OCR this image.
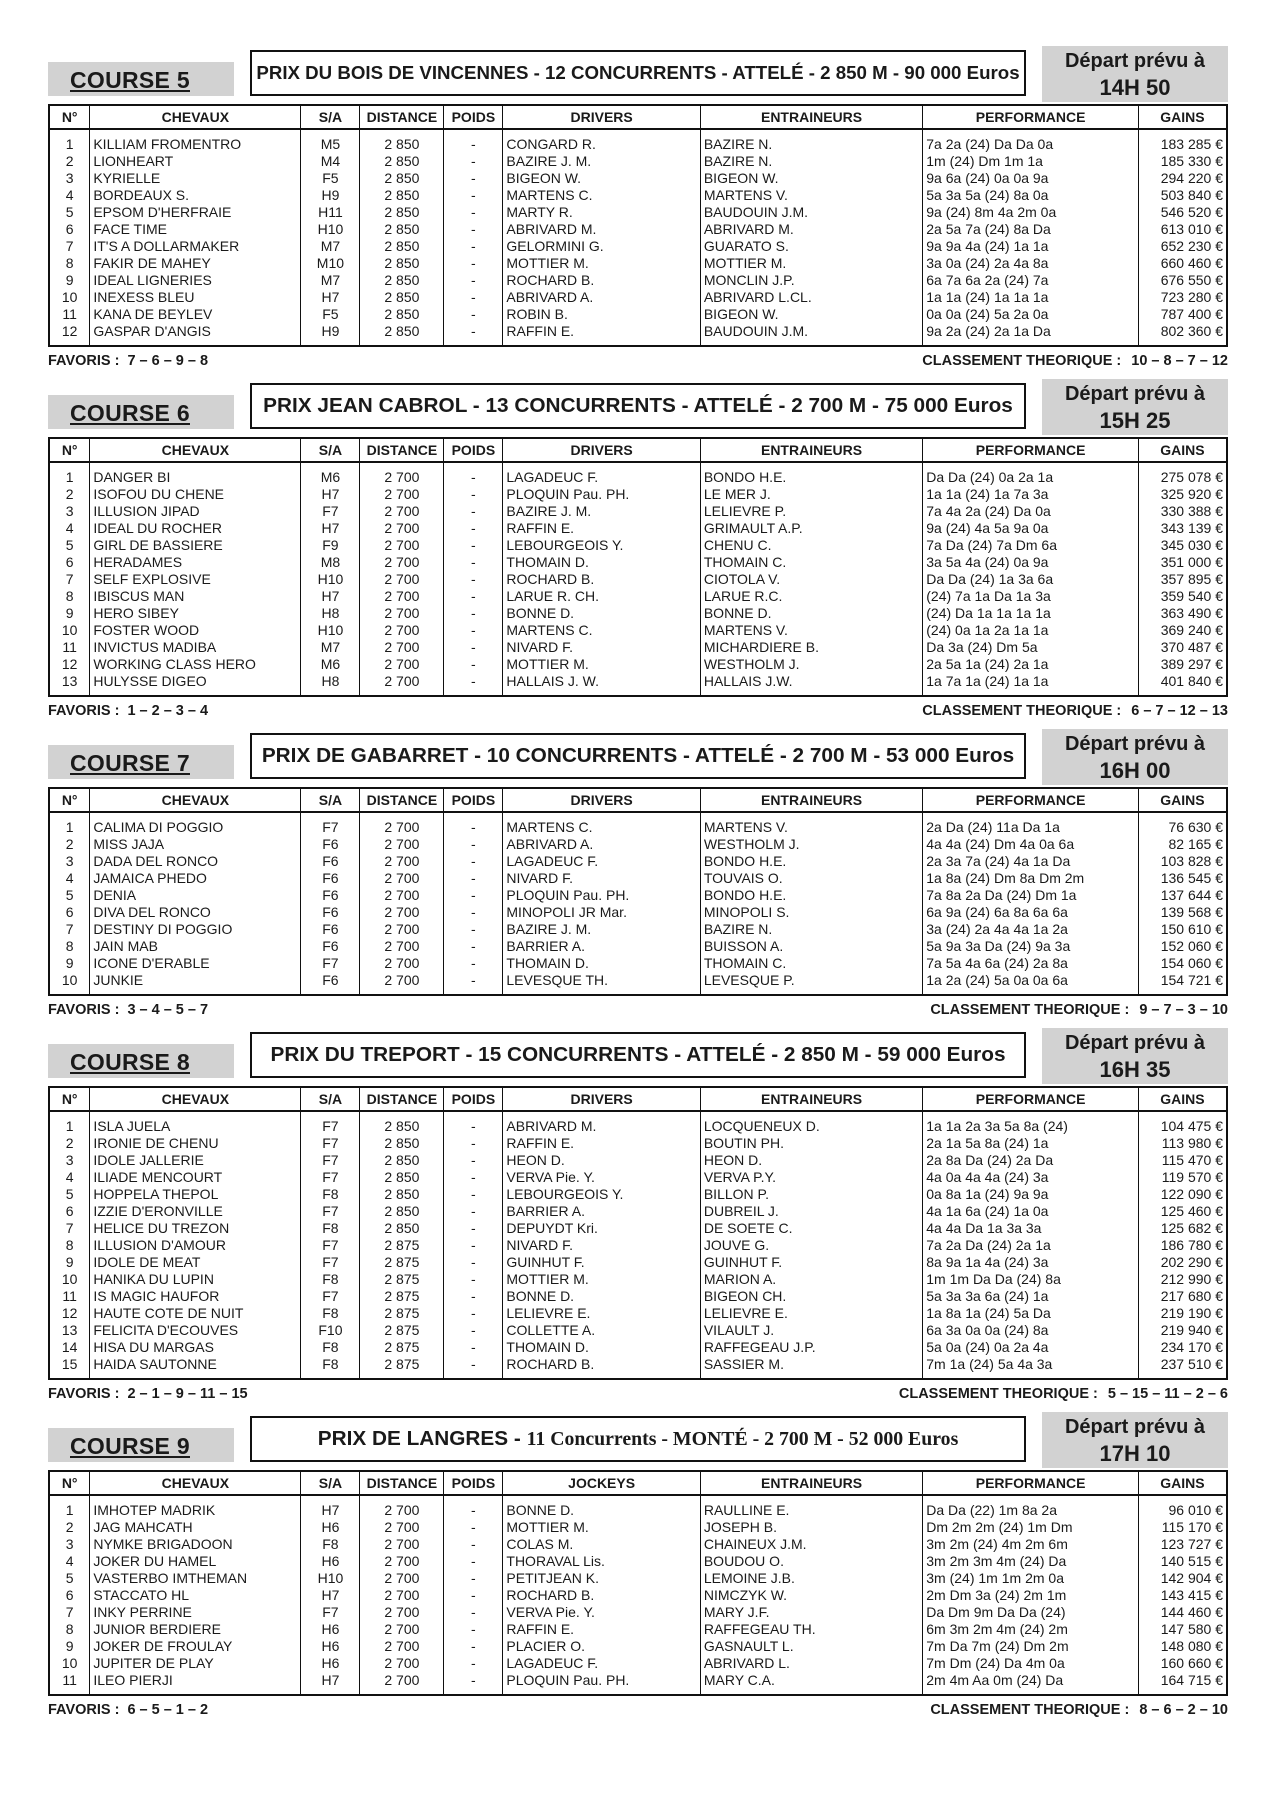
COURSE 5	PRIX DU BOIS DE VINCENNES - 12 CONCURRENTS - ATTELÉ - 2 850 M - 90 000 Euros
Départ prévu à
14H 50
N°	CHEVAUX	S/A	DISTANCE	POIDS	DRIVERS	ENTRAINEURS	PERFORMANCE	GAINS
1	KILLIAM FROMENTRO	M5	2 850	-	CONGARD R.	BAZIRE N.	7a 2a (24) Da Da 0a	183 285 €
2	LIONHEART	M4	2 850	-	BAZIRE J. M.	BAZIRE N.	1m (24) Dm 1m 1a	185 330 €
3	KYRIELLE	F5	2 850	-	BIGEON W.	BIGEON W.	9a 6a (24) 0a 0a 9a	294 220 €
4	BORDEAUX S.	H9	2 850	-	MARTENS C.	MARTENS V.	5a 3a 5a (24) 8a 0a	503 840 €
5	EPSOM D'HERFRAIE	H11	2 850	-	MARTY R.	BAUDOUIN J.M.	9a (24) 8m 4a 2m 0a	546 520 €
6	FACE TIME	H10	2 850	-	ABRIVARD M.	ABRIVARD M.	2a 5a 7a (24) 8a Da	613 010 €
7	IT'S A DOLLARMAKER	M7	2 850	-	GELORMINI G.	GUARATO S.	9a 9a 4a (24) 1a 1a	652 230 €
8	FAKIR DE MAHEY	M10	2 850	-	MOTTIER M.	MOTTIER M.	3a 0a (24) 2a 4a 8a	660 460 €
9	IDEAL LIGNERIES	M7	2 850	-	ROCHARD B.	MONCLIN J.P.	6a 7a 6a 2a (24) 7a	676 550 €
10	INEXESS BLEU	H7	2 850	-	ABRIVARD A.	ABRIVARD L.CL.	1a 1a (24) 1a 1a 1a	723 280 €
11	KANA DE BEYLEV	F5	2 850	-	ROBIN B.	BIGEON W.	0a 0a (24) 5a 2a 0a	787 400 €
12	GASPAR D'ANGIS	H9	2 850	-	RAFFIN E.	BAUDOUIN J.M.	9a 2a (24) 2a 1a Da	802 360 €
FAVORIS : 7 – 6 – 9 – 8	CLASSEMENT THEORIQUE : 10 – 8 – 7 – 12
COURSE 6	PRIX JEAN CABROL - 13 CONCURRENTS - ATTELÉ - 2 700 M - 75 000 Euros	Départ prévu à
15H 25
N°	CHEVAUX	S/A	DISTANCE	POIDS	DRIVERS	ENTRAINEURS	PERFORMANCE	GAINS
1	DANGER BI	M6	2 700	-	LAGADEUC F.	BONDO H.E.	Da Da (24) 0a 2a 1a	275 078 €
2	ISOFOU DU CHENE	H7	2 700	-	PLOQUIN Pau. PH.	LE MER J.	1a 1a (24) 1a 7a 3a	325 920 €
3	ILLUSION JIPAD	F7	2 700	-	BAZIRE J. M.	LELIEVRE P.	7a 4a 2a (24) Da 0a	330 388 €
4	IDEAL DU ROCHER	H7	2 700	-	RAFFIN E.	GRIMAULT A.P.	9a (24) 4a 5a 9a 0a	343 139 €
5	GIRL DE BASSIERE	F9	2 700	-	LEBOURGEOIS Y.	CHENU C.	7a Da (24) 7a Dm 6a	345 030 €
6	HERADAMES	M8	2 700	-	THOMAIN D.	THOMAIN C.	3a 5a 4a (24) 0a 9a	351 000 €
7	SELF EXPLOSIVE	H10	2 700	-	ROCHARD B.	CIOTOLA V.	Da Da (24) 1a 3a 6a	357 895 €
8	IBISCUS MAN	H7	2 700	-	LARUE R. CH.	LARUE R.C.	(24) 7a 1a Da 1a 3a	359 540 €
9	HERO SIBEY	H8	2 700	-	BONNE D.	BONNE D.	(24) Da 1a 1a 1a 1a	363 490 €
10	FOSTER WOOD	H10	2 700	-	MARTENS C.	MARTENS V.	(24) 0a 1a 2a 1a 1a	369 240 €
11	INVICTUS MADIBA	M7	2 700	-	NIVARD F.	MICHARDIERE B.	Da 3a (24) Dm 5a	370 487 €
12	WORKING CLASS HERO	M6	2 700	-	MOTTIER M.	WESTHOLM J.	2a 5a 1a (24) 2a 1a	389 297 €
13	HULYSSE DIGEO	H8	2 700	-	HALLAIS J. W.	HALLAIS J.W.	1a 7a 1a (24) 1a 1a	401 840 €
FAVORIS : 1 – 2 – 3 – 4	CLASSEMENT THEORIQUE : 6 – 7 – 12 – 13
COURSE 7	PRIX DE GABARRET - 10 CONCURRENTS - ATTELÉ - 2 700 M - 53 000 Euros	Départ prévu à
16H 00
N°	CHEVAUX	S/A	DISTANCE	POIDS	DRIVERS	ENTRAINEURS	PERFORMANCE	GAINS
1	CALIMA DI POGGIO	F7	2 700	-	MARTENS C.	MARTENS V.	2a Da (24) 11a Da 1a	76 630 €
2	MISS JAJA	F6	2 700	-	ABRIVARD A.	WESTHOLM J.	4a 4a (24) Dm 4a 0a 6a	82 165 €
3	DADA DEL RONCO	F6	2 700	-	LAGADEUC F.	BONDO H.E.	2a 3a 7a (24) 4a 1a Da	103 828 €
4	JAMAICA PHEDO	F6	2 700	-	NIVARD F.	TOUVAIS O.	1a 8a (24) Dm 8a Dm 2m	136 545 €
5	DENIA	F6	2 700	-	PLOQUIN Pau. PH.	BONDO H.E.	7a 8a 2a Da (24) Dm 1a	137 644 €
6	DIVA DEL RONCO	F6	2 700	-	MINOPOLI JR Mar.	MINOPOLI S.	6a 9a (24) 6a 8a 6a 6a	139 568 €
7	DESTINY DI POGGIO	F6	2 700	-	BAZIRE J. M.	BAZIRE N.	3a (24) 2a 4a 4a 1a 2a	150 610 €
8	JAIN MAB	F6	2 700	-	BARRIER A.	BUISSON A.	5a 9a 3a Da (24) 9a 3a	152 060 €
9	ICONE D'ERABLE	F7	2 700	-	THOMAIN D.	THOMAIN C.	7a 5a 4a 6a (24) 2a 8a	154 060 €
10	JUNKIE	F6	2 700	-	LEVESQUE TH.	LEVESQUE P.	1a 2a (24) 5a 0a 0a 6a	154 721 €
FAVORIS : 3 – 4 – 5 – 7	CLASSEMENT THEORIQUE : 9 – 7 – 3 – 10
COURSE 8	PRIX DU TREPORT - 15 CONCURRENTS - ATTELÉ - 2 850 M - 59 000 Euros	Départ prévu à
16H 35
N°	CHEVAUX	S/A	DISTANCE	POIDS	DRIVERS	ENTRAINEURS	PERFORMANCE	GAINS
1	ISLA JUELA	F7	2 850	-	ABRIVARD M.	LOCQUENEUX D.	1a 1a 2a 3a 5a 8a (24)	104 475 €
2	IRONIE DE CHENU	F7	2 850	-	RAFFIN E.	BOUTIN PH.	2a 1a 5a 8a (24) 1a	113 980 €
3	IDOLE JALLERIE	F7	2 850	-	HEON D.	HEON D.	2a 8a Da (24) 2a Da	115 470 €
4	ILIADE MENCOURT	F7	2 850	-	VERVA Pie. Y.	VERVA P.Y.	4a 0a 4a 4a (24) 3a	119 570 €
5	HOPPELA THEPOL	F8	2 850	-	LEBOURGEOIS Y.	BILLON P.	0a 8a 1a (24) 9a 9a	122 090 €
6	IZZIE D'ERONVILLE	F7	2 850	-	BARRIER A.	DUBREIL J.	4a 1a 6a (24) 1a 0a	125 460 €
7	HELICE DU TREZON	F8	2 850	-	DEPUYDT Kri.	DE SOETE C.	4a 4a Da 1a 3a 3a	125 682 €
8	ILLUSION D'AMOUR	F7	2 875	-	NIVARD F.	JOUVE G.	7a 2a Da (24) 2a 1a	186 780 €
9	IDOLE DE MEAT	F7	2 875	-	GUINHUT F.	GUINHUT F.	8a 9a 1a 4a (24) 3a	202 290 €
10	HANIKA DU LUPIN	F8	2 875	-	MOTTIER M.	MARION A.	1m 1m Da Da (24) 8a	212 990 €
11	IS MAGIC HAUFOR	F7	2 875	-	BONNE D.	BIGEON CH.	5a 3a 3a 6a (24) 1a	217 680 €
12	HAUTE COTE DE NUIT	F8	2 875	-	LELIEVRE E.	LELIEVRE E.	1a 8a 1a (24) 5a Da	219 190 €
13	FELICITA D'ECOUVES	F10	2 875	-	COLLETTE A.	VILAULT J.	6a 3a 0a 0a (24) 8a	219 940 €
14	HISA DU MARGAS	F8	2 875	-	THOMAIN D.	RAFFEGEAU J.P.	5a 0a (24) 0a 2a 4a	234 170 €
15	HAIDA SAUTONNE	F8	2 875	-	ROCHARD B.	SASSIER M.	7m 1a (24) 5a 4a 3a	237 510 €
FAVORIS : 2 – 1 – 9 – 11 – 15	CLASSEMENT THEORIQUE : 5 – 15 – 11 – 2 – 6
COURSE 9	PRIX DE LANGRES - 11 Concurrents - MONTÉ - 2 700 M - 52 000 Euros
Départ prévu à
17H 10
N°	CHEVAUX	S/A	DISTANCE	POIDS	JOCKEYS	ENTRAINEURS	PERFORMANCE	GAINS
1	IMHOTEP MADRIK	H7	2 700	-	BONNE D.	RAULLINE E.	Da Da (22) 1m 8a 2a	96 010 €
2	JAG MAHCATH	H6	2 700	-	MOTTIER M.	JOSEPH B.	Dm 2m 2m (24) 1m Dm	115 170 €
3	NYMKE BRIGADOON	F8	2 700	-	COLAS M.	CHAINEUX J.M.	3m 2m (24) 4m 2m 6m	123 727 €
4	JOKER DU HAMEL	H6	2 700	-	THORAVAL Lis.	BOUDOU O.	3m 2m 3m 4m (24) Da	140 515 €
5	VASTERBO IMTHEMAN	H10	2 700	-	PETITJEAN K.	LEMOINE J.B.	3m (24) 1m 1m 2m 0a	142 904 €
6	STACCATO HL	H7	2 700	-	ROCHARD B.	NIMCZYK W.	2m Dm 3a (24) 2m 1m	143 415 €
7	INKY PERRINE	F7	2 700	-	VERVA Pie. Y.	MARY J.F.	Da Dm 9m Da Da (24)	144 460 €
8	JUNIOR BERDIERE	H6	2 700	-	RAFFIN E.	RAFFEGEAU TH.	6m 3m 2m 4m (24) 2m	147 580 €
9	JOKER DE FROULAY	H6	2 700	-	PLACIER O.	GASNAULT L.	7m Da 7m (24) Dm 2m	148 080 €
10	JUPITER DE PLAY	H6	2 700	-	LAGADEUC F.	ABRIVARD L.	7m Dm (24) Da 4m 0a	160 660 €
11	ILEO PIERJI	H7	2 700	-	PLOQUIN Pau. PH.	MARY C.A.	2m 4m Aa 0m (24) Da	164 715 €
FAVORIS : 6 – 5 – 1 – 2	CLASSEMENT THEORIQUE : 8 – 6 – 2 – 10
